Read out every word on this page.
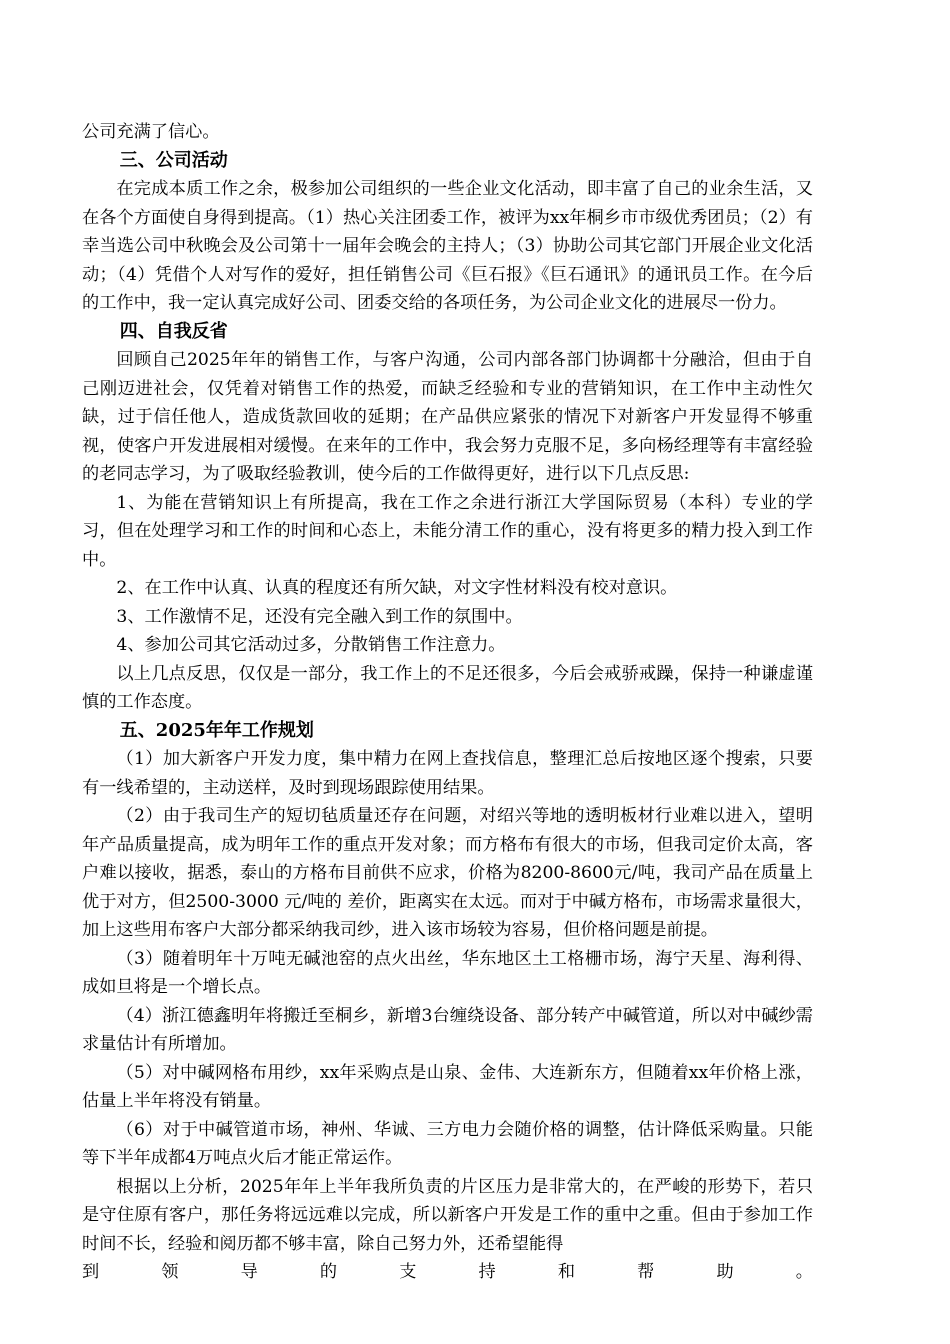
公司充满了信心。

三、公司活动

在完成本质工作之余，极参加公司组织的一些企业文化活动，即丰富了自己的业余生活，又在各个方面使自身得到提高。（1）热心关注团委工作，被评为xx年桐乡市市级优秀团员；（2）有幸当选公司中秋晚会及公司第十一届年会晚会的主持人；（3）协助公司其它部门开展企业文化活动；（4）凭借个人对写作的爱好，担任销售公司《巨石报》《巨石通讯》的通讯员工作。在今后的工作中，我一定认真完成好公司、团委交给的各项任务，为公司企业文化的进展尽一份力。

四、自我反省

回顾自己2025年年的销售工作，与客户沟通，公司内部各部门协调都十分融洽，但由于自己刚迈进社会，仅凭着对销售工作的热爱，而缺乏经验和专业的营销知识，在工作中主动性欠缺，过于信任他人，造成货款回收的延期；在产品供应紧张的情况下对新客户开发显得不够重视，使客户开发进展相对缓慢。在来年的工作中，我会努力克服不足，多向杨经理等有丰富经验的老同志学习，为了吸取经验教训，使今后的工作做得更好，进行以下几点反思:

1、为能在营销知识上有所提高，我在工作之余进行浙江大学国际贸易（本科）专业的学习，但在处理学习和工作的时间和心态上，未能分清工作的重心，没有将更多的精力投入到工作中。

2、在工作中认真、认真的程度还有所欠缺，对文字性材料没有校对意识。

3、工作激情不足，还没有完全融入到工作的氛围中。

4、参加公司其它活动过多，分散销售工作注意力。

以上几点反思，仅仅是一部分，我工作上的不足还很多，今后会戒骄戒躁，保持一种谦虚谨慎的工作态度。

五、2025年年工作规划

（1）加大新客户开发力度，集中精力在网上查找信息，整理汇总后按地区逐个搜索，只要有一线希望的，主动送样，及时到现场跟踪使用结果。

（2）由于我司生产的短切毡质量还存在问题，对绍兴等地的透明板材行业难以进入，望明年产品质量提高，成为明年工作的重点开发对象；而方格布有很大的市场，但我司定价太高，客户难以接收，据悉，泰山的方格布目前供不应求，价格为8200-8600元/吨，我司产品在质量上优于对方，但2500-3000 元/吨的 差价，距离实在太远。而对于中碱方格布，市场需求量很大，加上这些用布客户大部分都采纳我司纱，进入该市场较为容易，但价格问题是前提。

（3）随着明年十万吨无碱池窑的点火出丝，华东地区土工格栅市场，海宁天星、海利得、成如旦将是一个增长点。

（4）浙江德鑫明年将搬迁至桐乡，新增3台缠绕设备、部分转产中碱管道，所以对中碱纱需求量估计有所增加。

（5）对中碱网格布用纱，xx年采购点是山泉、金伟、大连新东方，但随着xx年价格上涨，估量上半年将没有销量。

（6）对于中碱管道市场，神州、华诚、三方电力会随价格的调整，估计降低采购量。只能等下半年成都4万吨点火后才能正常运作。

根据以上分析，2025年年上半年我所负责的片区压力是非常大的，在严峻的形势下，若只是守住原有客户，那任务将远远难以完成，所以新客户开发是工作的重中之重。但由于参加工作时间不长，经验和阅历都不够丰富，除自己努力外，还希望能得

到领导的支持和帮助。
